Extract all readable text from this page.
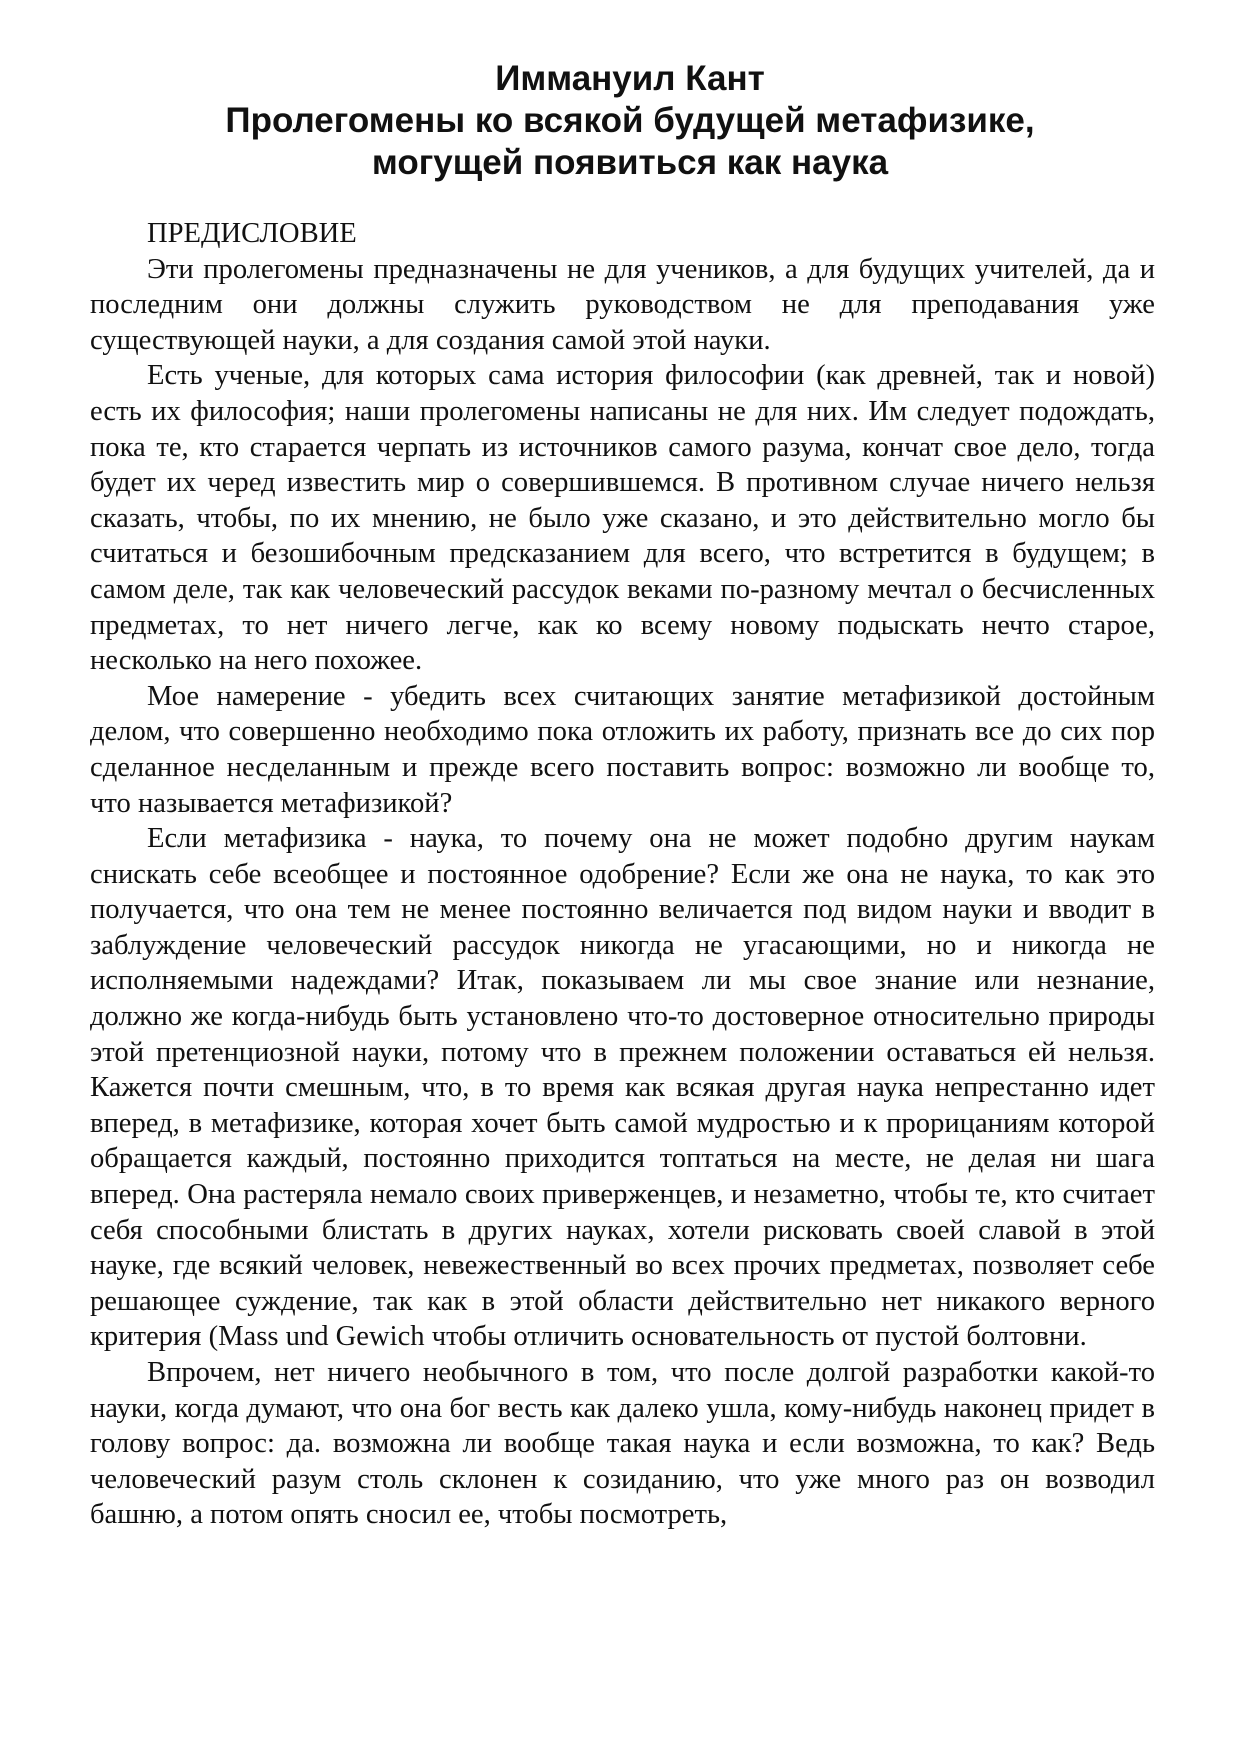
Иммануил Кант
Пролегомены ко всякой будущей метафизике,
могущей появиться как наука

ПРЕДИСЛОВИЕ

Эти пролегомены предназначены не для учеников, а для будущих учителей, да и последним они должны служить руководством не для преподавания уже существующей науки, а для создания самой этой науки.

Есть ученые, для которых сама история философии (как древней, так и новой) есть их философия; наши пролегомены написаны не для них. Им следует подождать, пока те, кто старается черпать из источников самого разума, кончат свое дело, тогда будет их черед известить мир о совершившемся. В противном случае ничего нельзя сказать, чтобы, по их мнению, не было уже сказано, и это действительно могло бы считаться и безошибочным предсказанием для всего, что встретится в будущем; в самом деле, так как человеческий рассудок веками по-разному мечтал о бесчисленных предметах, то нет ничего легче, как ко всему новому подыскать нечто старое, несколько на него похожее.

Мое намерение - убедить всех считающих занятие метафизикой достойным делом, что совершенно необходимо пока отложить их работу, признать все до сих пор сделанное несделанным и прежде всего поставить вопрос: возможно ли вообще то, что называется метафизикой?

Если метафизика - наука, то почему она не может подобно другим наукам снискать себе всеобщее и постоянное одобрение? Если же она не наука, то как это получается, что она тем не менее постоянно величается под видом науки и вводит в заблуждение человеческий рассудок никогда не угасающими, но и никогда не исполняемыми надеждами? Итак, показываем ли мы свое знание или незнание, должно же когда-нибудь быть установлено что-то достоверное относительно природы этой претенциозной науки, потому что в прежнем положении оставаться ей нельзя. Кажется почти смешным, что, в то время как всякая другая наука непрестанно идет вперед, в метафизике, которая хочет быть самой мудростью и к прорицаниям которой обращается каждый, постоянно приходится топтаться на месте, не делая ни шага вперед. Она растеряла немало своих приверженцев, и незаметно, чтобы те, кто считает себя способными блистать в других науках, хотели рисковать своей славой в этой науке, где всякий человек, невежественный во всех прочих предметах, позволяет себе решающее суждение, так как в этой области действительно нет никакого верного критерия (Mass und Gewich чтобы отличить основательность от пустой болтовни.

Впрочем, нет ничего необычного в том, что после долгой разработки какой-то науки, когда думают, что она бог весть как далеко ушла, кому-нибудь наконец придет в голову вопрос: да. возможна ли вообще такая наука и если возможна, то как? Ведь человеческий разум столь склонен к созиданию, что уже много раз он возводил башню, а потом опять сносил ее, чтобы посмотреть,
